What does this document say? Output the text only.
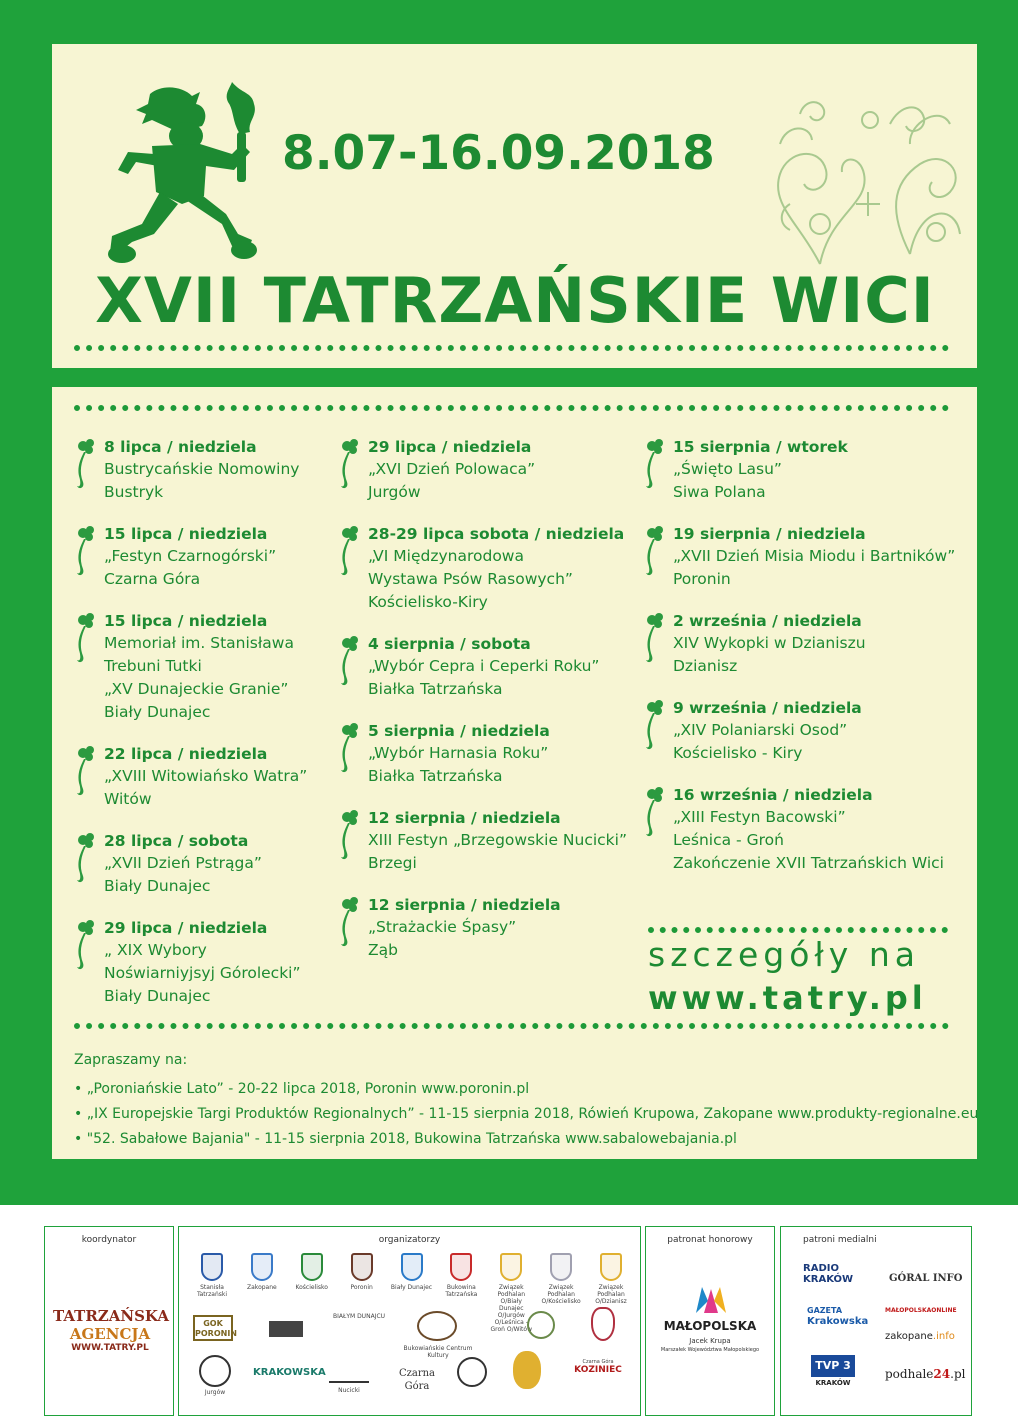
8.07-16.09.2018
XVII TATRZAŃSKIE WICI
8 lipca / niedziela
Bustrycańskie Nomowiny
Bustryk
15 lipca / niedziela
„Festyn Czarnogórski”
Czarna Góra
15 lipca / niedziela
Memoriał im. Stanisława
Trebuni Tutki
„XV Dunajeckie Granie”
Biały Dunajec
22 lipca / niedziela
„XVIII Witowiańsko Watra”
Witów
28 lipca / sobota
„XVII Dzień Pstrąga”
Biały Dunajec
29 lipca / niedziela
„ XIX Wybory
Noświarniyjsyj Górolecki”
Biały Dunajec
29 lipca / niedziela
„XVI Dzień Polowaca”
Jurgów
28-29 lipca sobota / niedziela
„VI Międzynarodowa
Wystawa Psów Rasowych”
Kościelisko-Kiry
4 sierpnia / sobota
„Wybór Cepra i Ceperki Roku”
Białka Tatrzańska
5 sierpnia / niedziela
„Wybór Harnasia Roku”
Białka Tatrzańska
12 sierpnia / niedziela
XIII Festyn „Brzegowskie Nucicki”
Brzegi
12 sierpnia / niedziela
„Strażackie Śpasy”
Ząb
15 sierpnia / wtorek
„Święto Lasu”
Siwa Polana
19 sierpnia / niedziela
„XVII Dzień Misia Miodu i Bartników”
Poronin
2 września / niedziela
XIV Wykopki w Dzianiszu
Dzianisz
9 września / niedziela
„XIV Polaniarski Osod”
Kościelisko - Kiry
16 września / niedziela
„XIII Festyn Bacowski”
Leśnica - Groń
Zakończenie XVII Tatrzańskich Wici
szczegóły na
www.tatry.pl
Zapraszamy na:
• „Poroniańskie Lato” - 20-22 lipca 2018, Poronin www.poronin.pl
• „IX Europejskie Targi Produktów Regionalnych” - 11-15 sierpnia 2018, Rówień Krupowa, Zakopane www.produkty-regionalne.eu
• "52. Sabałowe Bajania" - 11-15 sierpnia 2018, Bukowina Tatrzańska www.sabalowebajania.pl
koordynator
TATRZAŃSKA
AGENCJA
WWW.TATRY.PL
organizatorzy
Stanisła Tatrzański
Zakopane	Kościelisko	Poronin	Biały Dunajec	Bukowina Tatrzańska
Związek Podhalan O/Biały Dunajec O/Jurgów O/Leśnica - Groń O/Witów
Związek Podhalan O/Kościelisko
Związek Podhalan O/Dzianisz
GOK PORONIN
BIAŁYM DUNAJCU
Bukowiańskie Centrum Kultury
Jurgów
KRAKOWSKA
Nucicki
Czarna
Góra
Czarna Góra
KOZINIEC
patronat honorowy
MAŁOPOLSKA
Jacek Krupa
Marszałek Województwa Małopolskiego
patroni medialni
RADIO
KRAKÓW	GÓRAL INFO
GAZETA
Krakowska
MAŁOPOLSKAONLINE
zakopane.info
TVP 3
KRAKÓW
podhale24.pl
